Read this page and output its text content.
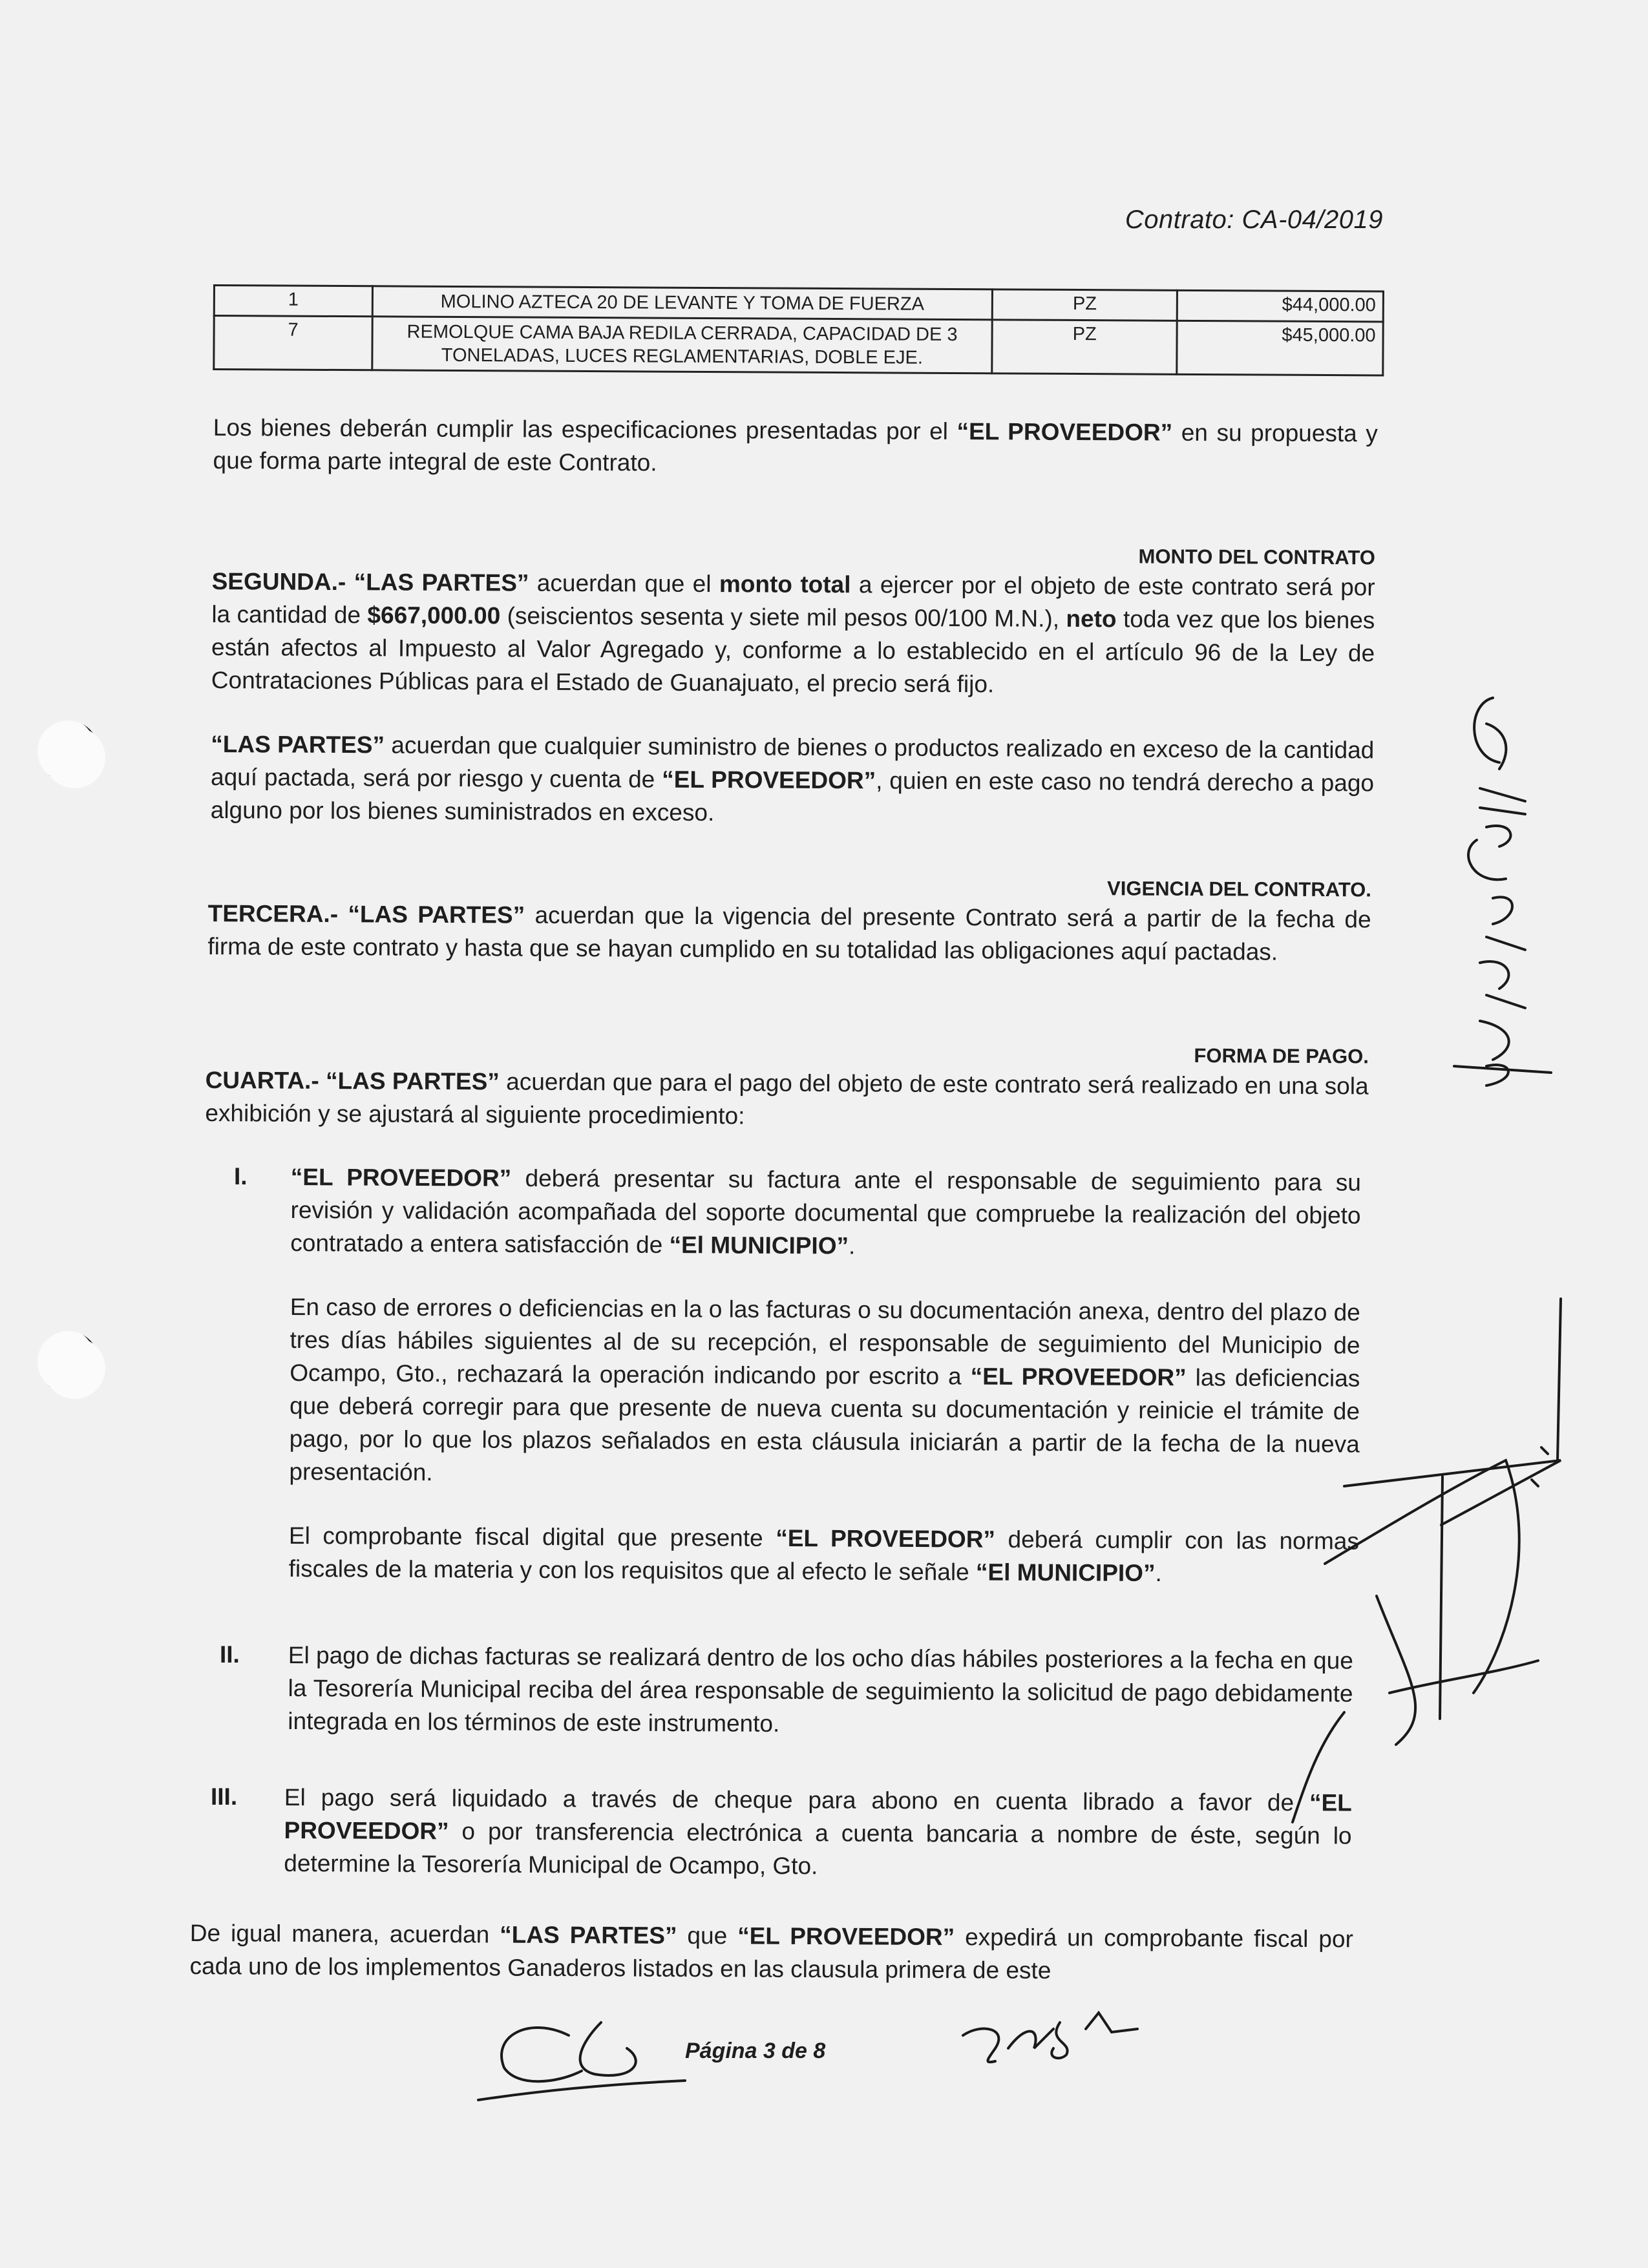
Contrato: CA-04/2019
1	MOLINO AZTECA 20 DE LEVANTE Y TOMA DE FUERZA	PZ	$44,000.00
7	REMOLQUE CAMA BAJA REDILA CERRADA, CAPACIDAD DE 3 TONELADAS, LUCES REGLAMENTARIAS, DOBLE EJE.	PZ	$45,000.00

Los bienes deberán cumplir las especificaciones presentadas por el “EL PROVEEDOR” en su propuesta y que forma parte integral de este Contrato.

MONTO DEL CONTRATO

SEGUNDA.- “LAS PARTES” acuerdan que el monto total a ejercer por el objeto de este contrato será por la cantidad de $667,000.00 (seiscientos sesenta y siete mil pesos 00/100 M.N.), neto toda vez que los bienes están afectos al Impuesto al Valor Agregado y, conforme a lo establecido en el artículo 96 de la Ley de Contrataciones Públicas para el Estado de Guanajuato, el precio será fijo.

“LAS PARTES” acuerdan que cualquier suministro de bienes o productos realizado en exceso de la cantidad aquí pactada, será por riesgo y cuenta de “EL PROVEEDOR”, quien en este caso no tendrá derecho a pago alguno por los bienes suministrados en exceso.

VIGENCIA DEL CONTRATO.

TERCERA.- “LAS PARTES” acuerdan que la vigencia del presente Contrato será a partir de la fecha de firma de este contrato y hasta que se hayan cumplido en su totalidad las obligaciones aquí pactadas.

FORMA DE PAGO.

CUARTA.- “LAS PARTES” acuerdan que para el pago del objeto de este contrato será realizado en una sola exhibición y se ajustará al siguiente procedimiento:

I. “EL PROVEEDOR” deberá presentar su factura ante el responsable de seguimiento para su revisión y validación acompañada del soporte documental que compruebe la realización del objeto contratado a entera satisfacción de “El MUNICIPIO”.

En caso de errores o deficiencias en la o las facturas o su documentación anexa, dentro del plazo de tres días hábiles siguientes al de su recepción, el responsable de seguimiento del Municipio de Ocampo, Gto., rechazará la operación indicando por escrito a “EL PROVEEDOR” las deficiencias que deberá corregir para que presente de nueva cuenta su documentación y reinicie el trámite de pago, por lo que los plazos señalados en esta cláusula iniciarán a partir de la fecha de la nueva presentación.

El comprobante fiscal digital que presente “EL PROVEEDOR” deberá cumplir con las normas fiscales de la materia y con los requisitos que al efecto le señale “El MUNICIPIO”.

II. El pago de dichas facturas se realizará dentro de los ocho días hábiles posteriores a la fecha en que la Tesorería Municipal reciba del área responsable de seguimiento la solicitud de pago debidamente integrada en los términos de este instrumento.

III. El pago será liquidado a través de cheque para abono en cuenta librado a favor de “EL PROVEEDOR” o por transferencia electrónica a cuenta bancaria a nombre de éste, según lo determine la Tesorería Municipal de Ocampo, Gto.

De igual manera, acuerdan “LAS PARTES” que “EL PROVEEDOR” expedirá un comprobante fiscal por cada uno de los implementos Ganaderos listados en las clausula primera de este

Página 3 de 8
